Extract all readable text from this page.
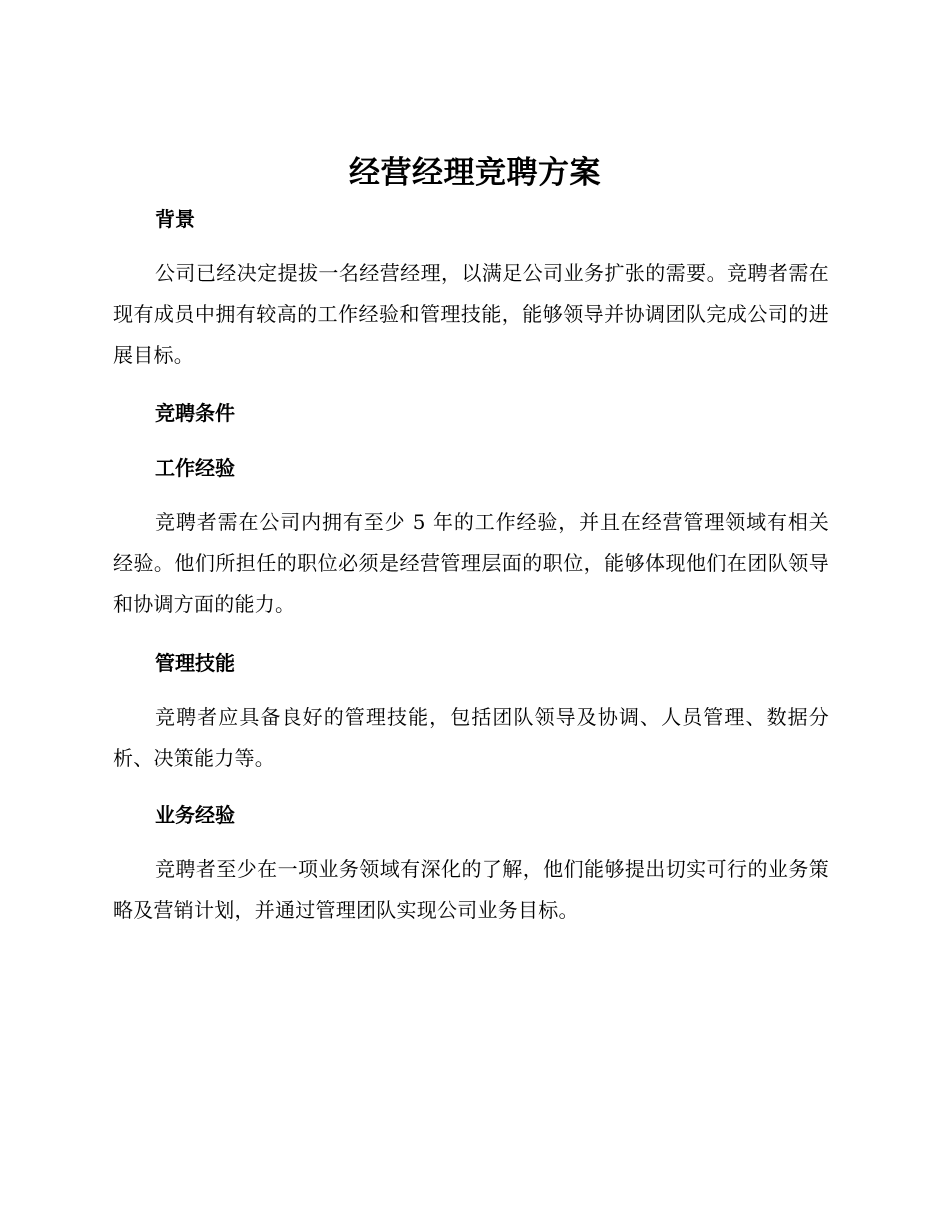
经营经理竞聘方案
背景
公司已经决定提拔一名经营经理，以满足公司业务扩张的需要。竞聘者需在现有成员中拥有较高的工作经验和管理技能，能够领导并协调团队完成公司的进展目标。
竞聘条件
工作经验
竞聘者需在公司内拥有至少 5 年的工作经验，并且在经营管理领域有相关经验。他们所担任的职位必须是经营管理层面的职位，能够体现他们在团队领导和协调方面的能力。
管理技能
竞聘者应具备良好的管理技能，包括团队领导及协调、人员管理、数据分析、决策能力等。
业务经验
竞聘者至少在一项业务领域有深化的了解，他们能够提出切实可行的业务策略及营销计划，并通过管理团队实现公司业务目标。
